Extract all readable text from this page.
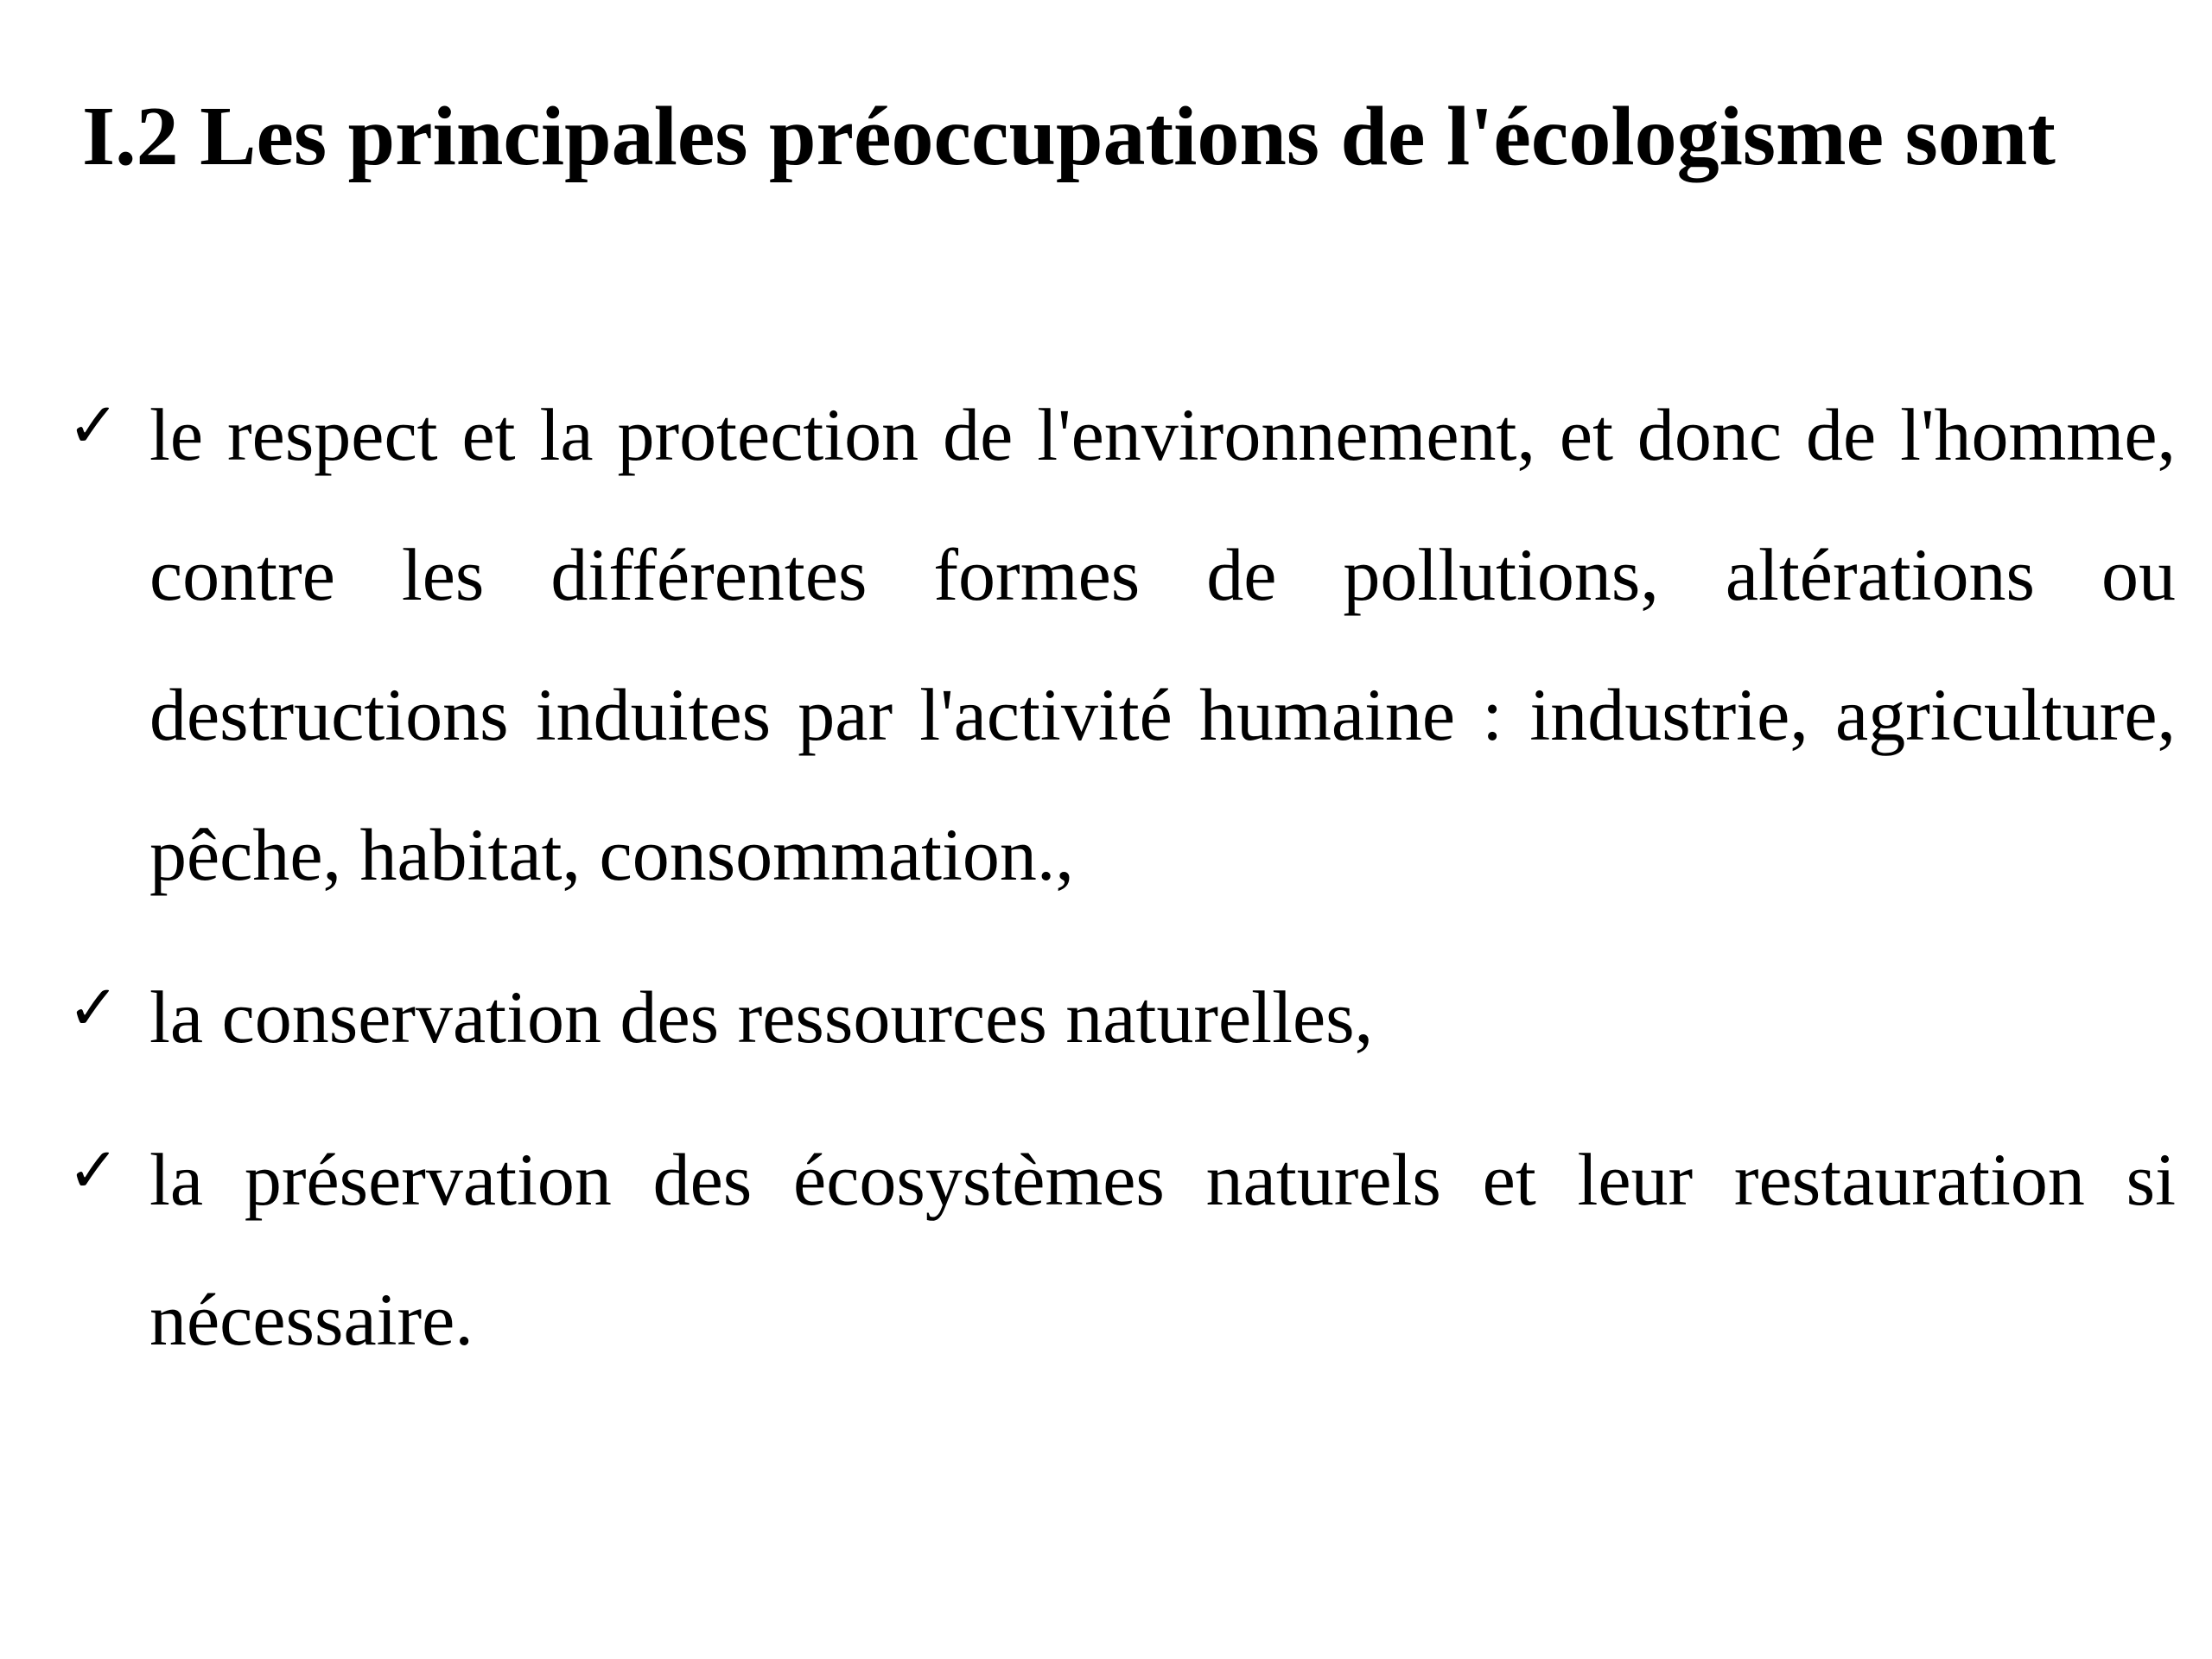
I.2 Les principales préoccupations de l'écologisme sont
✓ le respect et la protection de l'environnement, et donc de l'homme, contre les différentes formes de pollutions, altérations ou destructions induites par l'activité humaine : industrie, agriculture, pêche, habitat, consommation.,
✓ la conservation des ressources naturelles,
✓ la préservation des écosystèmes naturels et leur restauration si nécessaire.
